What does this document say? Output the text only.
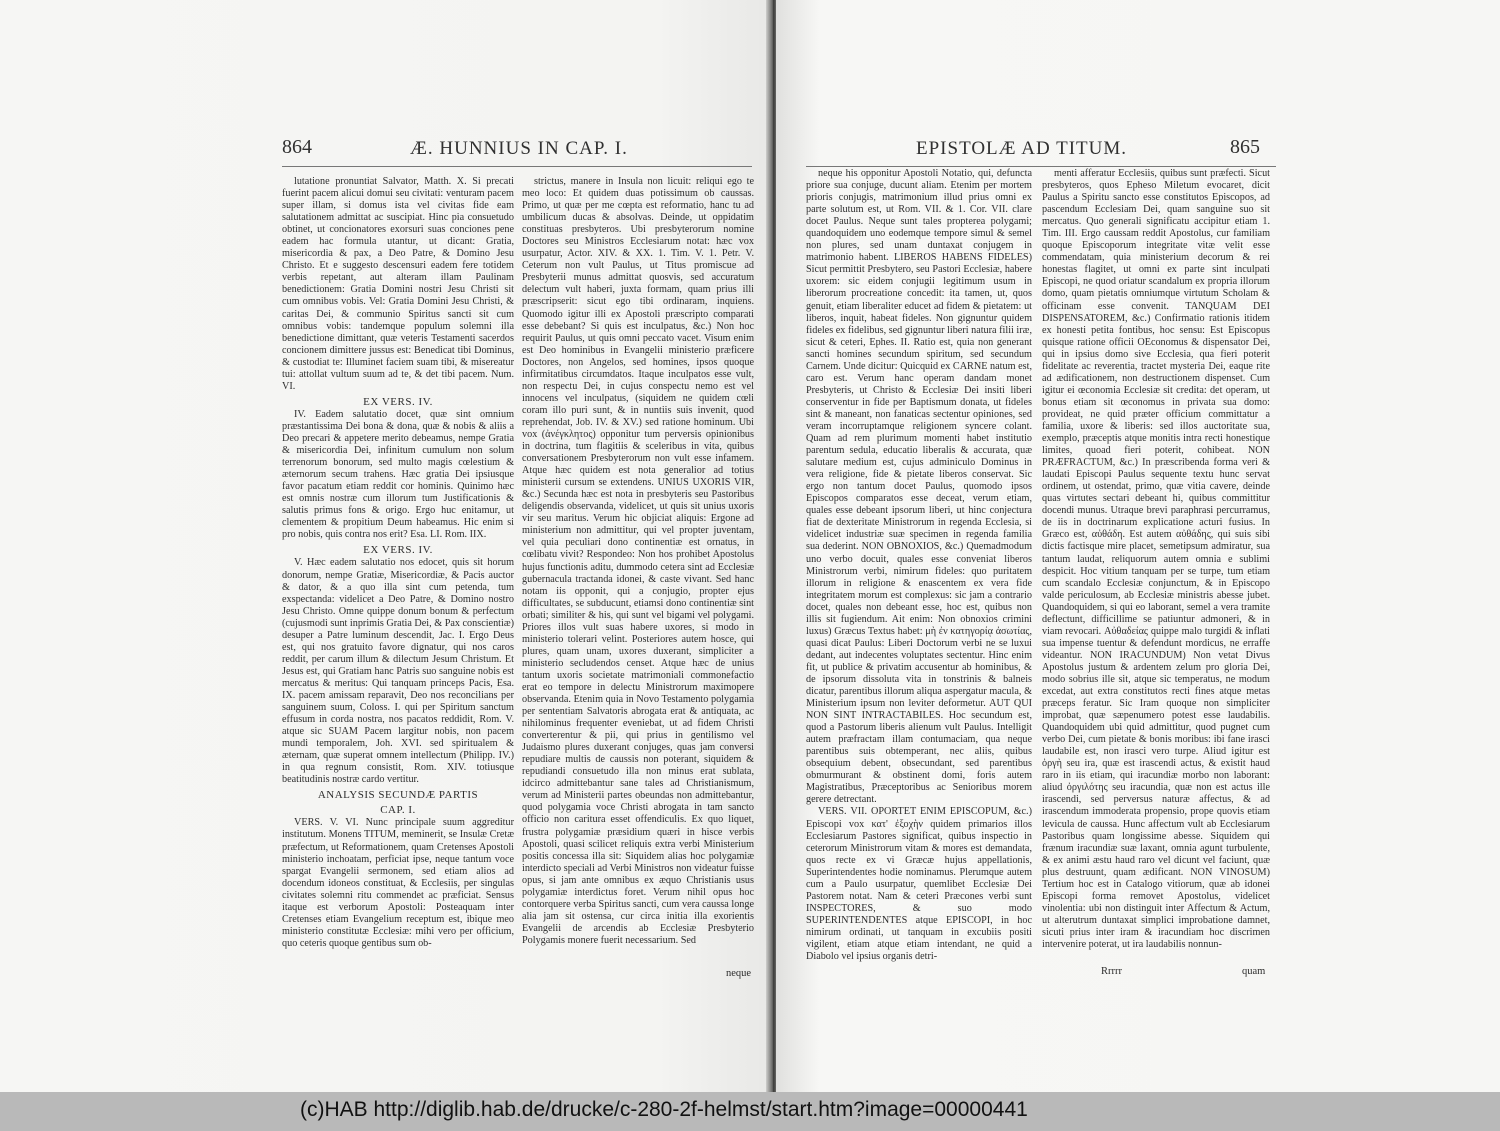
864	Æ. HUNNIUS IN CAP. I.

lutatione pronuntiat Salvator, Matth. X. Si precati fuerint pacem alicui domui seu civitati: venturam pacem super illam, si domus ista vel civitas fide eam salutationem admittat ac suscipiat. Hinc pia consuetudo obtinet, ut concionatores exorsuri suas conciones pene eadem hac formula utantur, ut dicant: Gratia, misericordia & pax, a Deo Patre, & Domino Jesu Christo. Et e suggesto descensuri eadem fere totidem verbis repetant, aut alteram illam Paulinam benedictionem: Gratia Domini nostri Jesu Christi sit cum omnibus vobis. Vel: Gratia Domini Jesu Christi, & caritas Dei, & communio Spiritus sancti sit cum omnibus vobis: tandemque populum solemni illa benedictione dimittant, quæ veteris Testamenti sacerdos concionem dimittere jussus est: Benedicat tibi Dominus, & custodiat te: Illuminet faciem suam tibi, & misereatur tui: attollat vultum suum ad te, & det tibi pacem. Num. VI.

EX VERS. IV.

IV. Eadem salutatio docet, quæ sint omnium præstantissima Dei bona & dona, quæ & nobis & aliis a Deo precari & appetere merito debeamus, nempe Gratia & misericordia Dei, infinitum cumulum non solum terrenorum bonorum, sed multo magis cœlestium & æternorum secum trahens. Hæc gratia Dei ipsiusque favor pacatum etiam reddit cor hominis. Quinimo hæc est omnis nostræ cum illorum tum Justificationis & salutis primus fons & origo. Ergo huc enitamur, ut clementem & propitium Deum habeamus. Hic enim si pro nobis, quis contra nos erit? Esa. LI. Rom. IIX.

EX VERS. IV.

V. Hæc eadem salutatio nos edocet, quis sit horum donorum, nempe Gratiæ, Misericordiæ, & Pacis auctor & dator, & a quo illa sint cum petenda, tum exspectanda: videlicet a Deo Patre, & Domino nostro Jesu Christo. Omne quippe donum bonum & perfectum (cujusmodi sunt inprimis Gratia Dei, & Pax conscientiæ) desuper a Patre luminum descendit, Jac. I. Ergo Deus est, qui nos gratuito favore dignatur, qui nos caros reddit, per carum illum & dilectum Jesum Christum. Et Jesus est, qui Gratiam hanc Patris suo sanguine nobis est mercatus & meritus: Qui tanquam princeps Pacis, Esa. IX. pacem amissam reparavit, Deo nos reconcilians per sanguinem suum, Coloss. I. qui per Spiritum sanctum effusum in corda nostra, nos pacatos reddidit, Rom. V. atque sic SUAM Pacem largitur nobis, non pacem mundi temporalem, Joh. XVI. sed spiritualem & æternam, quæ superat omnem intellectum (Philipp. IV.) in qua regnum consistit, Rom. XIV. totiusque beatitudinis nostræ cardo vertitur.

ANALYSIS SECUNDÆ PARTIS

CAP. I.

VERS. V. VI. Nunc principale suum aggreditur institutum. Monens TITUM, meminerit, se Insulæ Cretæ præfectum, ut Reformationem, quam Cretenses Apostoli ministerio inchoatam, perficiat ipse, neque tantum voce spargat Evangelii sermonem, sed etiam alios ad docendum idoneos constituat, & Ecclesiis, per singulas civitates solemni ritu commendet ac præficiat. Sensus itaque est verborum Apostoli: Posteaquam inter Cretenses etiam Evangelium receptum est, ibique meo ministerio constitutæ Ecclesiæ: mihi vero per officium, quo ceteris quoque gentibus sum ob-

strictus, manere in Insula non licuit: reliqui ego te meo loco: Et quidem duas potissimum ob caussas. Primo, ut quæ per me cœpta est reformatio, hanc tu ad umbilicum ducas & absolvas. Deinde, ut oppidatim constituas presbyteros. Ubi presbyterorum nomine Doctores seu Ministros Ecclesiarum notat: hæc vox usurpatur, Actor. XIV. & XX. 1. Tim. V. 1. Petr. V. Ceterum non vult Paulus, ut Titus promiscue ad Presbyterii munus admittat quosvis, sed accuratum delectum vult haberi, juxta formam, quam prius illi præscripserit: sicut ego tibi ordinaram, inquiens. Quomodo igitur illi ex Apostoli præscripto comparati esse debebant? Si quis est inculpatus, &c.) Non hoc requirit Paulus, ut quis omni peccato vacet. Visum enim est Deo hominibus in Evangelii ministerio præficere Doctores, non Angelos, sed homines, ipsos quoque infirmitatibus circumdatos. Itaque inculpatos esse vult, non respectu Dei, in cujus conspectu nemo est vel innocens vel inculpatus, (siquidem ne quidem cœli coram illo puri sunt, & in nuntiis suis invenit, quod reprehendat, Job. IV. & XV.) sed ratione hominum. Ubi vox (ἀνέγκλητος) opponitur tum perversis opinionibus in doctrina, tum flagitiis & sceleribus in vita, quibus conversationem Presbyterorum non vult esse infamem. Atque hæc quidem est nota generalior ad totius ministerii cursum se extendens. UNIUS UXORIS VIR, &c.) Secunda hæc est nota in presbyteris seu Pastoribus deligendis observanda, videlicet, ut quis sit unius uxoris vir seu maritus. Verum hic objiciat aliquis: Ergone ad ministerium non admittitur, qui vel propter juventam, vel quia peculiari dono continentiæ est ornatus, in cœlibatu vivit? Respondeo: Non hos prohibet Apostolus hujus functionis aditu, dummodo cetera sint ad Ecclesiæ gubernacula tractanda idonei, & caste vivant. Sed hanc notam iis opponit, qui a conjugio, propter ejus difficultates, se subducunt, etiamsi dono continentiæ sint orbati; similiter & his, qui sunt vel bigami vel polygami. Priores illos vult suas habere uxores, si modo in ministerio tolerari velint. Posteriores autem hosce, qui plures, quam unam, uxores duxerant, simpliciter a ministerio secludendos censet. Atque hæc de unius tantum uxoris societate matrimoniali commonefactio erat eo tempore in delectu Ministrorum maximopere observanda. Etenim quia in Novo Testamento polygamia per sententiam Salvatoris abrogata erat & antiquata, ac nihilominus frequenter eveniebat, ut ad fidem Christi converterentur & pii, qui prius in gentilismo vel Judaismo plures duxerant conjuges, quas jam conversi repudiare multis de caussis non poterant, siquidem & repudiandi consuetudo illa non minus erat sublata, idcirco admittebantur sane tales ad Christianismum, verum ad Ministerii partes obeundas non admittebantur, quod polygamia voce Christi abrogata in tam sancto officio non caritura esset offendiculis. Ex quo liquet, frustra polygamiæ præsidium quæri in hisce verbis Apostoli, quasi scilicet reliquis extra verbi Ministerium positis concessa illa sit: Siquidem alias hoc polygamiæ interdicto speciali ad Verbi Ministros non videatur fuisse opus, si jam ante omnibus ex æquo Christianis usus polygamiæ interdictus foret. Verum nihil opus hoc contorquere verba Spiritus sancti, cum vera caussa longe alia jam sit ostensa, cur circa initia illa exorientis Evangelii de arcendis ab Ecclesiæ Presbyterio Polygamis monere fuerit necessarium. Sed

neque
EPISTOLÆ AD TITUM.	865

neque his opponitur Apostoli Notatio, qui, defuncta priore sua conjuge, ducunt aliam. Etenim per mortem prioris conjugis, matrimonium illud prius omni ex parte solutum est, ut Rom. VII. & 1. Cor. VII. clare docet Paulus. Neque sunt tales propterea polygami; quandoquidem uno eodemque tempore simul & semel non plures, sed unam duntaxat conjugem in matrimonio habent. LIBEROS HABENS FIDELES) Sicut permittit Presbytero, seu Pastori Ecclesiæ, habere uxorem: sic eidem conjugii legitimum usum in liberorum procreatione concedit: ita tamen, ut, quos genuit, etiam liberaliter educet ad fidem & pietatem: ut liberos, inquit, habeat fideles. Non gignuntur quidem fideles ex fidelibus, sed gignuntur liberi natura filii iræ, sicut & ceteri, Ephes. II. Ratio est, quia non generant sancti homines secundum spiritum, sed secundum Carnem. Unde dicitur: Quicquid ex CARNE natum est, caro est. Verum hanc operam dandam monet Presbyteris, ut Christo & Ecclesiæ Dei insiti liberi conserventur in fide per Baptismum donata, ut fideles sint & maneant, non fanaticas sectentur opiniones, sed veram incorruptamque religionem syncere colant. Quam ad rem plurimum momenti habet institutio parentum sedula, educatio liberalis & accurata, quæ salutare medium est, cujus adminiculo Dominus in vera religione, fide & pietate liberos conservat. Sic ergo non tantum docet Paulus, quomodo ipsos Episcopos comparatos esse deceat, verum etiam, quales esse debeant ipsorum liberi, ut hinc conjectura fiat de dexteritate Ministrorum in regenda Ecclesia, si videlicet industriæ suæ specimen in regenda familia sua dederint. NON OBNOXIOS, &c.) Quemadmodum uno verbo docuit, quales esse conveniat liberos Ministrorum verbi, nimirum fideles: quo puritatem illorum in religione & enascentem ex vera fide integritatem morum est complexus: sic jam a contrario docet, quales non debeant esse, hoc est, quibus non illis sit fugiendum. Ait enim: Non obnoxios crimini luxus) Græcus Textus habet: μὴ ἐν κατηγορίᾳ ἀσωτίας, quasi dicat Paulus: Liberi Doctorum verbi ne se luxui dedant, aut indecentes voluptates sectentur. Hinc enim fit, ut publice & privatim accusentur ab hominibus, & de ipsorum dissoluta vita in tonstrinis & balneis dicatur, parentibus illorum aliqua aspergatur macula, & Ministerium ipsum non leviter deformetur. AUT QUI NON SINT INTRACTABILES. Hoc secundum est, quod a Pastorum liberis alienum vult Paulus. Intelligit autem præfractam illam contumaciam, qua neque parentibus suis obtemperant, nec aliis, quibus obsequium debent, obsecundant, sed parentibus obmurmurant & obstinent domi, foris autem Magistratibus, Præceptoribus ac Senioribus morem gerere detrectant.

VERS. VII. OPORTET ENIM EPISCOPUM, &c.) Episcopi vox κατ' ἐξοχὴν quidem primarios illos Ecclesiarum Pastores significat, quibus inspectio in ceterorum Ministrorum vitam & mores est demandata, quos recte ex vi Græcæ hujus appellationis, Superintendentes hodie nominamus. Plerumque autem cum a Paulo usurpatur, quemlibet Ecclesiæ Dei Pastorem notat. Nam & ceteri Præcones verbi sunt INSPECTORES, & suo modo SUPERINTENDENTES atque EPISCOPI, in hoc nimirum ordinati, ut tanquam in excubiis positi vigilent, etiam atque etiam intendant, ne quid a Diabolo vel ipsius organis detri-

menti afferatur Ecclesiis, quibus sunt præfecti. Sicut presbyteros, quos Epheso Miletum evocaret, dicit Paulus a Spiritu sancto esse constitutos Episcopos, ad pascendum Ecclesiam Dei, quam sanguine suo sit mercatus. Quo generali significatu accipitur etiam 1. Tim. III. Ergo caussam reddit Apostolus, cur familiam quoque Episcoporum integritate vitæ velit esse commendatam, quia ministerium decorum & rei honestas flagitet, ut omni ex parte sint inculpati Episcopi, ne quod oriatur scandalum ex propria illorum domo, quam pietatis omniumque virtutum Scholam & officinam esse convenit. TANQUAM DEI DISPENSATOREM, &c.) Confirmatio rationis itidem ex honesti petita fontibus, hoc sensu: Est Episcopus quisque ratione officii OEconomus & dispensator Dei, qui in ipsius domo sive Ecclesia, qua fieri poterit fidelitate ac reverentia, tractet mysteria Dei, eaque rite ad ædificationem, non destructionem dispenset. Cum igitur ei œconomia Ecclesiæ sit credita: det operam, ut bonus etiam sit œconomus in privata sua domo: provideat, ne quid præter officium committatur a familia, uxore & liberis: sed illos auctoritate sua, exemplo, præceptis atque monitis intra recti honestique limites, quoad fieri poterit, cohibeat. NON PRÆFRACTUM, &c.) In præscribenda forma veri & laudati Episcopi Paulus sequente textu hunc servat ordinem, ut ostendat, primo, quæ vitia cavere, deinde quas virtutes sectari debeant hi, quibus committitur docendi munus. Utraque brevi paraphrasi percurramus, de iis in doctrinarum explicatione acturi fusius. In Græco est, αὐθάδη. Est autem αὐθάδης, qui suis sibi dictis factisque mire placet, semetipsum admiratur, sua tantum laudat, reliquorum autem omnia e sublimi despicit. Hoc vitium tanquam per se turpe, tum etiam cum scandalo Ecclesiæ conjunctum, & in Episcopo valde periculosum, ab Ecclesiæ ministris abesse jubet. Quandoquidem, si qui eo laborant, semel a vera tramite deflectunt, difficillime se patiuntur admoneri, & in viam revocari. Αὐθαδείας quippe malo turgidi & inflati sua impense tuentur & defendunt mordicus, ne erraffe videantur. NON IRACUNDUM) Non vetat Divus Apostolus justum & ardentem zelum pro gloria Dei, modo sobrius ille sit, atque sic temperatus, ne modum excedat, aut extra constitutos recti fines atque metas præceps feratur. Sic Iram quoque non simpliciter improbat, quæ sæpenumero potest esse laudabilis. Quandoquidem ubi quid admittitur, quod pugnet cum verbo Dei, cum pietate & bonis moribus: ibi fane irasci laudabile est, non irasci vero turpe. Aliud igitur est ὀργὴ seu ira, quæ est irascendi actus, & existit haud raro in iis etiam, qui iracundiæ morbo non laborant: aliud ὀργιλότης seu iracundia, quæ non est actus ille irascendi, sed perversus naturæ affectus, & ad irascendum immoderata propensio, prope quovis etiam levicula de caussa. Hunc affectum vult ab Ecclesiarum Pastoribus quam longissime abesse. Siquidem qui frænum iracundiæ suæ laxant, omnia agunt turbulente, & ex animi æstu haud raro vel dicunt vel faciunt, quæ plus destruunt, quam ædificant. NON VINOSUM) Tertium hoc est in Catalogo vitiorum, quæ ab idonei Episcopi forma removet Apostolus, videlicet vinolentia: ubi non distinguit inter Affectum & Actum, ut alterutrum duntaxat simplici improbatione damnet, sicuti prius inter iram & iracundiam hoc discrimen intervenire poterat, ut ira laudabilis nonnun-

Rrrrr	quam
(c)HAB http://diglib.hab.de/drucke/c-280-2f-helmst/start.htm?image=00000441
